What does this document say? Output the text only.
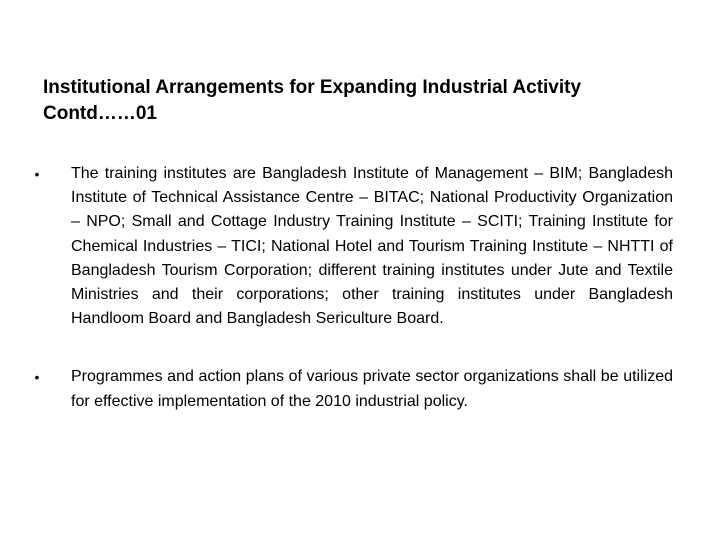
Institutional Arrangements for Expanding Industrial Activity
Contd……01
• The training institutes are Bangladesh Institute of Management – BIM; Bangladesh Institute of Technical Assistance Centre – BITAC; National Productivity Organization – NPO; Small and Cottage Industry Training Institute – SCITI; Training Institute for Chemical Industries – TICI; National Hotel and Tourism Training Institute – NHTTI of Bangladesh Tourism Corporation; different training institutes under Jute and Textile Ministries and their corporations; other training institutes under Bangladesh Handloom Board and Bangladesh Sericulture Board.
• Programmes and action plans of various private sector organizations shall be utilized for effective implementation of the 2010 industrial policy.
